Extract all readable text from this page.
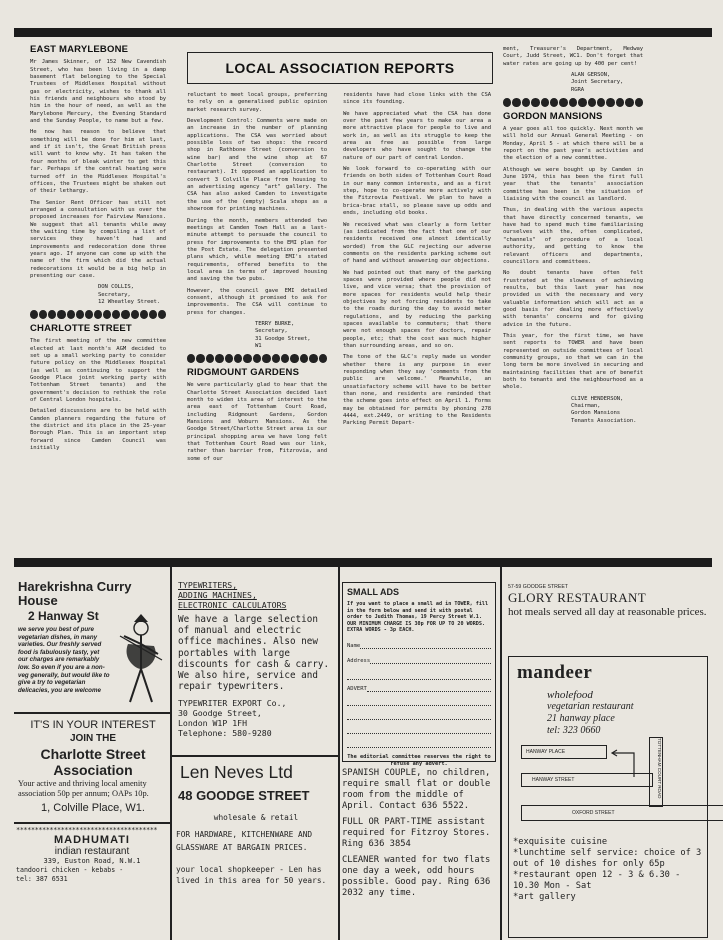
EAST MARYLEBONE

Mr James Skinner, of 152 New Cavendish Street, who has been living in a damp basement flat belonging to the Special Trustees of Middlesex Hospital without gas or electricity, wishes to thank all his friends and neighbours who stood by him in the hour of need, as well as the Marylebone Mercury, the Evening Standard and the Sunday People, to name but a few.

He now has reason to believe that something will be done for him at last, and if it isn't, the Great British press will want to know why. It has taken the four months of bleak winter to get this far. Perhaps if the central heating were turned off in the Middlesex Hospital's offices, the Trustees might be shaken out of their lethargy.

The Senior Rent Officer has still not arranged a consultation with us over the proposed increases for Fairview Mansions. We suggest that all tenants while away the waiting time by compiling a list of services they haven't had and improvements and redecoration done three years ago. If anyone can come up with the name of the firm which did the actual redecorations it would be a big help in presenting our case.

DON COLLIS,
Secretary,
12 Wheatley Street.
CHARLOTTE STREET

The first meeting of the new committee elected at last month's AGM decided to set up a small working party to consider future policy on the Middlesex Hospital (as well as continuing to support the Goodge Place joint working party with Tottenham Street tenants) and the government's decision to rethink the role of Central London hospitals.

Detailed discussions are to be held with Camden planners regarding the future of the district and its place in the 25-year Borough Plan. This is an important step forward since Camden Council was initially

LOCAL ASSOCIATION REPORTS

reluctant to meet local groups, preferring to rely on a generalised public opinion market research survey.

Development Control: Comments were made on an increase in the number of planning applications. The CSA was worried about possible loss of two shops: the record shop in Rathbone Street (conversion to wine bar) and the wine shop at 67 Charlotte Street (conversion to restaurant). It opposed an application to convert 3 Colville Place from housing to an advertising agency "art" gallery. The CSA has also asked Camden to investigate the use of the (empty) Scala shops as a showroom for printing machines.

During the month, members attended two meetings at Camden Town Hall as a last-minute attempt to persuade the council to press for improvements to the EMI plan for the Post Estate. The delegation presented plans which, while meeting EMI's stated requirements, offered benefits to the local area in terms of improved housing and saving the two pubs.

However, the council gave EMI detailed consent, although it promised to ask for improvements. The CSA will continue to press for changes.

TERRY BURKE,
Secretary,
31 Goodge Street,
W1
RIDGMOUNT GARDENS

We were particularly glad to hear that the Charlotte Street Association decided last month to widen its area of interest to the area east of Tottenham Court Road, including Ridgmount Gardens, Gordon Mansions and Woburn Mansions. As the Goodge Street/Charlotte Street area is our principal shopping area we have long felt that Tottenham Court Road was our link, rather than barrier from, Fitzrovia, and some of our

residents have had close links with the CSA since its founding.

We have appreciated what the CSA has done over the past few years to make our area a more attractive place for people to live and work in, as well as its struggle to keep the area as free as possible from large developers who have sought to change the nature of our part of central London.

We look forward to co-operating with our friends on both sides of Tottenham Court Road in our many common interests, and as a first step, hope to co-operate more actively with the Fitzrovia Festival. We plan to have a brica-brac stall, so please save up odds and ends, including old books.

We received what was clearly a form letter (as indicated from the fact that one of our residents received one almost identically worded) from the GLC rejecting our adverse comments on the residents parking scheme out of hand and without answering our objections.

We had pointed out that many of the parking spaces were provided where people did not live, and vice versa; that the provision of more spaces for residents would help their objectives by not forcing residents to take to the roads during the day to avoid meter regulations, and by reducing the parking spaces available to commuters; that there were not enough spaces for doctors, repair people, etc; that the cost was much higher than surrounding areas, and so on.

The tone of the GLC's reply made us wonder whether there is any purpose in ever responding when they say 'comments from the public are welcome.' Meanwhile, an unsatisfactory scheme will have to be better than none, and residents are reminded that the scheme goes into effect on April 1. Forms may be obtained for permits by phoning 278 4444, ext.2449, or writing to the Residents Parking Permit Depart-

ment, Treasurer's Department, Medway Court, Judd Street, WC1. Don't forget that water rates are going up by 400 per cent!

ALAN GERSON,
Joint Secretary,
RGRA
GORDON MANSIONS

A year goes all too quickly. Next month we will hold our Annual General Meeting - on Monday, April 5 - at which there will be a report on the past year's activities and the election of a new committee.

Although we were bought up by Camden in June 1974, this has been the first full year that the tenants' association committee has been in the situation of liaising with the council as landlord.

Thus, in dealing with the various aspects that have directly concerned tenants, we have had to spend much time familiarising ourselves with the, often complicated, "channels" of procedure of a local authority, and getting to know the relevant officers and departments, councillors and committees.

No doubt tenants have often felt frustrated at the slowness of achieving results, but this last year has now provided us with the necessary and very valuable information which will act as a good basis for dealing more effectively with tenants' concerns and for giving advice in the future.

This year, for the first time, we have sent reports to TOWER and have been represented on outside committees of local community groups, so that we can in the long term be more involved in securing and maintaining facilities that are of benefit both to tenants and the neighbourhood as a whole.

CLIVE HENDERSON,
Chairman,
Gordon Mansions
Tenants Association.
Harekrishna Curry
House
2 Hanway St
we serve you best of pure vegetarian dishes, in many varieties. Our freshly served food is fabulously tasty, yet our charges are remarkably low. So even if you are a non-veg generally, but would like to give a try to vegetarian delicacies, you are welcome
IT'S IN YOUR INTEREST
JOIN THE
Charlotte Street
Association
Your active and thriving local amenity association 50p per annum; OAPs 10p.
1, Colville Place, W1.
**************************************
MADHUMATI
indian restaurant
339, Euston Road, N.W.1
tandoori chicken - kebabs -
tel: 387 6531
TYPEWRITERS,
ADDING MACHINES,
ELECTRONIC CALCULATORS
We have a large selection of manual and electric office machines. Also new portables with large discounts for cash & carry. We also hire, service and repair typewriters.
TYPEWRITER EXPORT Co.,
30 Goodge Street,
London W1P 1FH
Telephone: 580-9280
Len Neves Ltd
48 GOODGE STREET
wholesale & retail
FOR HARDWARE, KITCHENWARE AND GLASSWARE AT BARGAIN PRICES.
your local shopkeeper - Len has lived in this area for 50 years.
SMALL ADS
If you want to place a small ad in TOWER, fill in the form below and send it with postal order to Judith Thomas, 19 Percy Street W.1. OUR MINIMUM CHARGE IS 30p FOR UP TO 20 WORDS. EXTRA WORDS - 3p EACH.
Name
Address
ADVERT
The editorial committee reserves the right to refuse any advert.

SPANISH COUPLE, no children, require small flat or double room from the middle of April. Contact 636 5522.

FULL OR PART-TIME assistant required for Fitzroy Stores. Ring 636 3854

CLEANER wanted for two flats one day a week, odd hours possible. Good pay. Ring 636 2032 any time.

57-59 GOODGE STREET
GLORY RESTAURANT
hot meals served all day at reasonable prices.
mandeer
wholefood
vegetarian restaurant
21 hanway place
tel: 323 0660
HANWAY PLACE
HANWAY STREET
OXFORD STREET
TOTTENHAM COURT ROAD
*exquisite cuisine
*lunchtime self service: choice of 3 out of 10 dishes for only 65p
*restaurant open 12 - 3 & 6.30 - 10.30 Mon - Sat
*art gallery
